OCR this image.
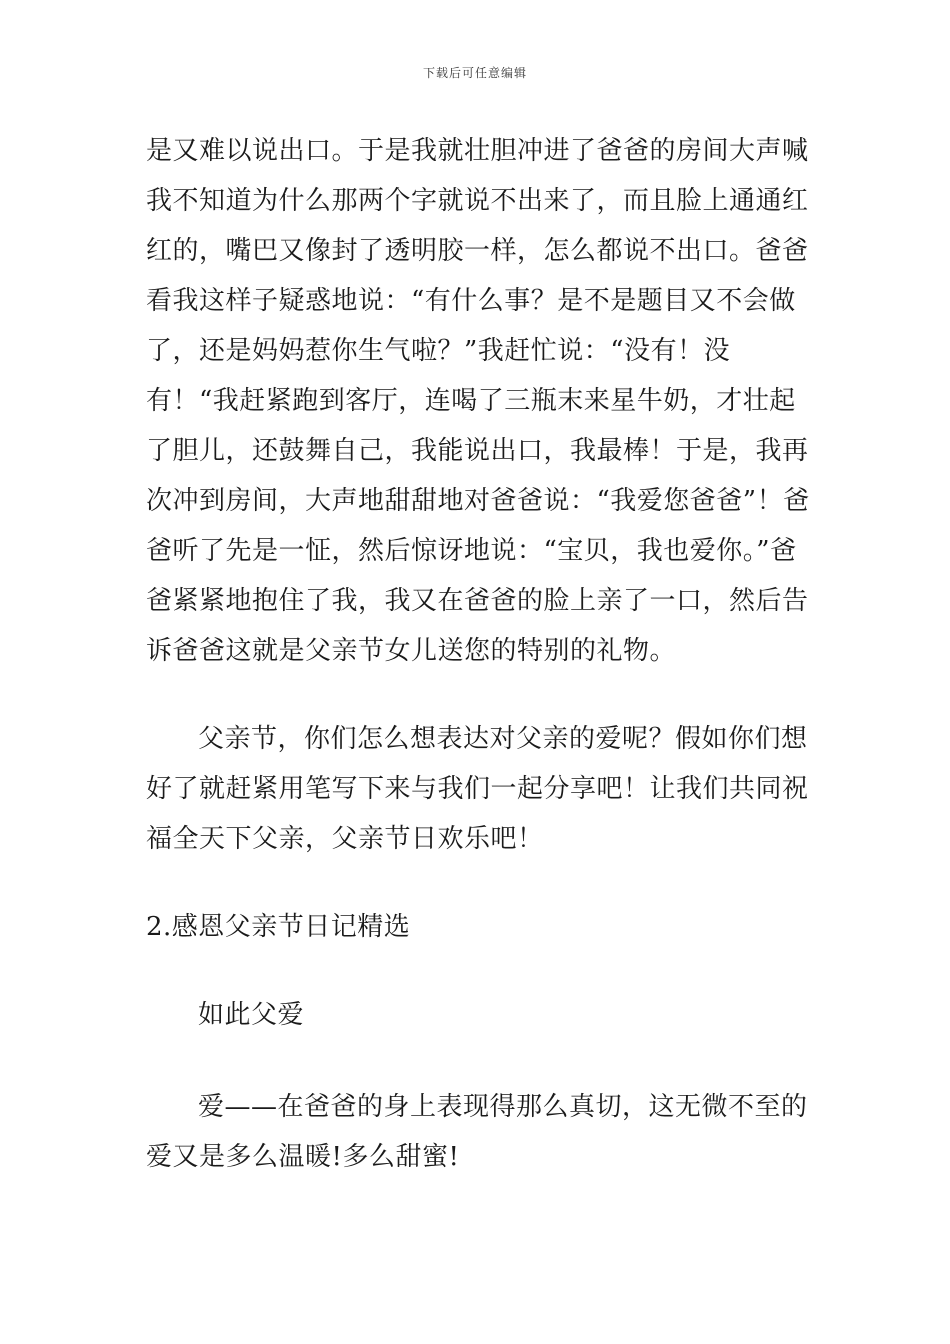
下载后可任意编辑

是又难以说出口。于是我就壮胆冲进了爸爸的房间大声喊我不知道为什么那两个字就说不出来了，而且脸上通通红红的，嘴巴又像封了透明胶一样，怎么都说不出口。爸爸看我这样子疑惑地说：“有什么事？是不是题目又不会做了，还是妈妈惹你生气啦？”我赶忙说：“没有！没有！“我赶紧跑到客厅，连喝了三瓶末来星牛奶，才壮起了胆儿，还鼓舞自己，我能说出口，我最棒！于是，我再次冲到房间，大声地甜甜地对爸爸说：“我爱您爸爸”！爸爸听了先是一怔，然后惊讶地说：“宝贝，我也爱你。”爸爸紧紧地抱住了我，我又在爸爸的脸上亲了一口，然后告诉爸爸这就是父亲节女儿送您的特别的礼物。

父亲节，你们怎么想表达对父亲的爱呢？假如你们想好了就赶紧用笔写下来与我们一起分享吧！让我们共同祝福全天下父亲，父亲节日欢乐吧！

2.感恩父亲节日记精选

如此父爱

爱——在爸爸的身上表现得那么真切，这无微不至的爱又是多么温暖!多么甜蜜!
